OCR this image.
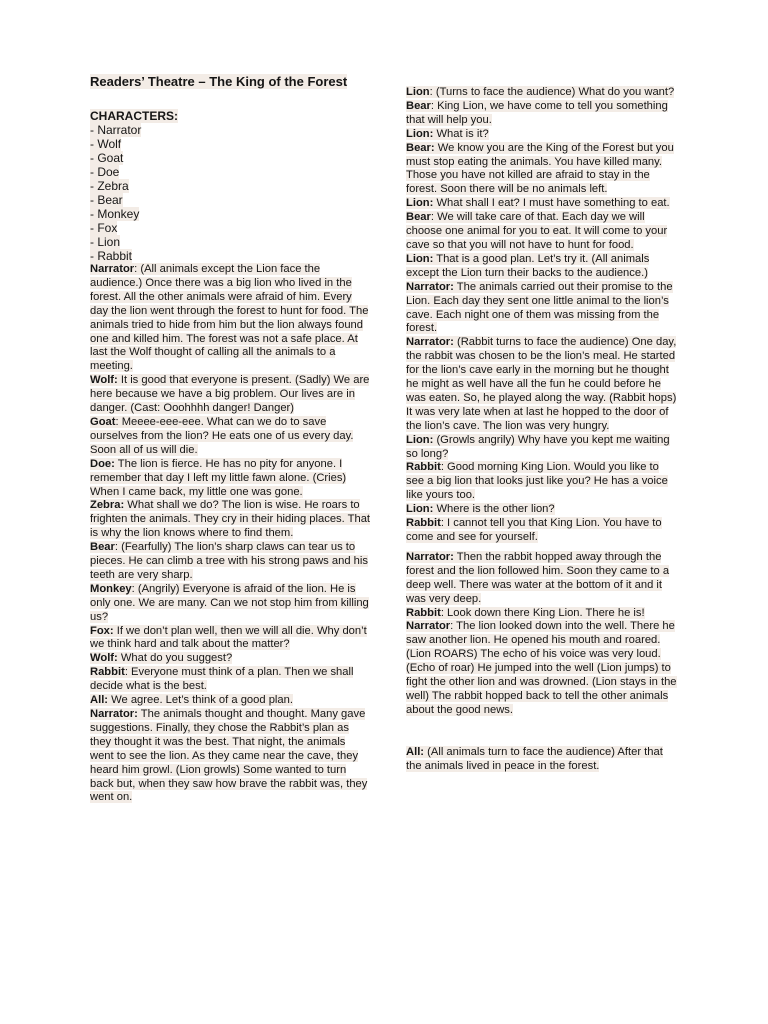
Readers’ Theatre – The King of the Forest
CHARACTERS:
- Narrator
- Wolf
- Goat
- Doe
- Zebra
- Bear
- Monkey
- Fox
- Lion
- Rabbit

Narrator: (All animals except the Lion face the audience.) Once there was a big lion who lived in the forest. All the other animals were afraid of him. Every day the lion went through the forest to hunt for food. The animals tried to hide from him but the lion always found one and killed him. The forest was not a safe place. At last the Wolf thought of calling all the animals to a meeting.

Wolf: It is good that everyone is present. (Sadly) We are here because we have a big problem. Our lives are in danger. (Cast: Ooohhhh danger! Danger)

Goat: Meeee-eee-eee. What can we do to save ourselves from the lion? He eats one of us every day. Soon all of us will die.

Doe: The lion is fierce. He has no pity for anyone. I remember that day I left my little fawn alone. (Cries) When I came back, my little one was gone.

Zebra: What shall we do? The lion is wise. He roars to frighten the animals. They cry in their hiding places. That is why the lion knows where to find them.

Bear: (Fearfully) The lion’s sharp claws can tear us to pieces. He can climb a tree with his strong paws and his teeth are very sharp.

Monkey: (Angrily) Everyone is afraid of the lion. He is only one. We are many. Can we not stop him from killing us?

Fox: If we don’t plan well, then we will all die. Why don’t we think hard and talk about the matter?

Wolf: What do you suggest?

Rabbit: Everyone must think of a plan. Then we shall decide what is the best.

All: We agree. Let’s think of a good plan.

Narrator: The animals thought and thought. Many gave suggestions. Finally, they chose the Rabbit’s plan as they thought it was the best. That night, the animals went to see the lion. As they came near the cave, they heard him growl. (Lion growls) Some wanted to turn back but, when they saw how brave the rabbit was, they went on.

Lion: (Turns to face the audience) What do you want?

Bear: King Lion, we have come to tell you something that will help you.

Lion: What is it?

Bear: We know you are the King of the Forest but you must stop eating the animals. You have killed many. Those you have not killed are afraid to stay in the forest. Soon there will be no animals left.

Lion: What shall I eat? I must have something to eat.

Bear: We will take care of that. Each day we will choose one animal for you to eat. It will come to your cave so that you will not have to hunt for food.

Lion: That is a good plan. Let’s try it. (All animals except the Lion turn their backs to the audience.)

Narrator: The animals carried out their promise to the Lion. Each day they sent one little animal to the lion’s cave. Each night one of them was missing from the forest.

Narrator: (Rabbit turns to face the audience) One day, the rabbit was chosen to be the lion’s meal. He started for the lion’s cave early in the morning but he thought he might as well have all the fun he could before he was eaten. So, he played along the way. (Rabbit hops) It was very late when at last he hopped to the door of the lion’s cave. The lion was very hungry.

Lion: (Growls angrily) Why have you kept me waiting so long?

Rabbit: Good morning King Lion. Would you like to see a big lion that looks just like you? He has a voice like yours too.

Lion: Where is the other lion?

Rabbit: I cannot tell you that King Lion. You have to come and see for yourself.

Narrator: Then the rabbit hopped away through the forest and the lion followed him. Soon they came to a deep well. There was water at the bottom of it and it was very deep.

Rabbit: Look down there King Lion. There he is!

Narrator: The lion looked down into the well. There he saw another lion. He opened his mouth and roared. (Lion ROARS) The echo of his voice was very loud. (Echo of roar) He jumped into the well (Lion jumps) to fight the other lion and was drowned. (Lion stays in the well) The rabbit hopped back to tell the other animals about the good news.

All: (All animals turn to face the audience) After that the animals lived in peace in the forest.
